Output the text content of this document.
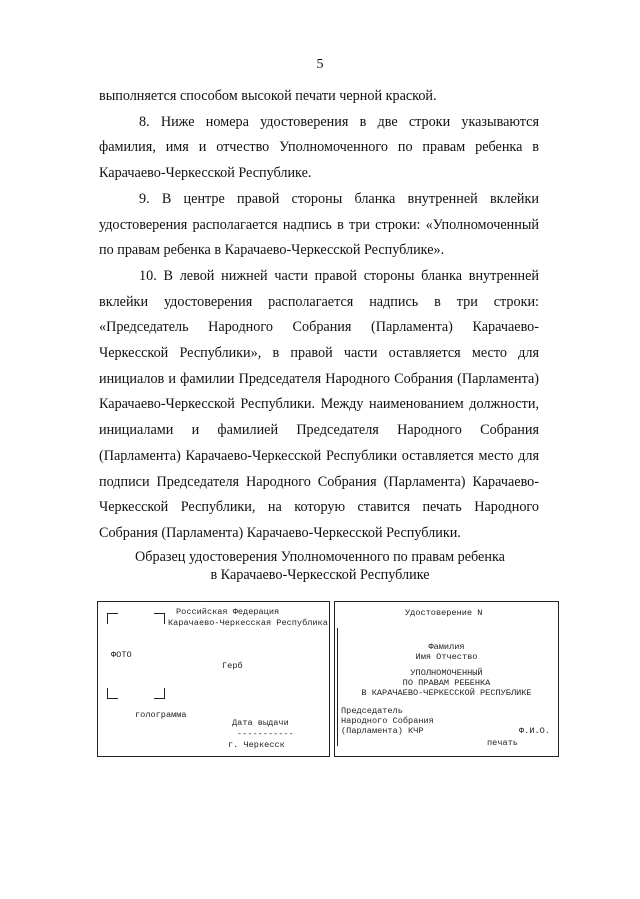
5

выполняется способом высокой печати черной краской.

8. Ниже номера удостоверения в две строки указываются фамилия, имя и отчество Уполномоченного по правам ребенка в Карачаево-Черкесской Республике.

9. В центре правой стороны бланка внутренней вклейки удостоверения располагается надпись в три строки: «Уполномоченный по правам ребенка в Карачаево-Черкесской Республике».

10. В левой нижней части правой стороны бланка внутренней вклейки удостоверения располагается надпись в три строки: «Председатель Народного Собрания (Парламента) Карачаево-Черкесской Республики», в правой части оставляется место для инициалов и фамилии Председателя Народного Собрания (Парламента) Карачаево-Черкесской Республики. Между наименованием должности, инициалами и фамилией Председателя Народного Собрания (Парламента) Карачаево-Черкесской Республики оставляется место для подписи Председателя Народного Собрания (Парламента) Карачаево-Черкесской Республики, на которую ставится печать Народного Собрания (Парламента) Карачаево-Черкесской Республики.

Образец удостоверения Уполномоченного по правам ребенка
в Карачаево-Черкесской Республике
Российская Федерация
Карачаево-Черкесская Республика
ФОТО
Герб
голограмма
Дата выдачи
-----------
г. Черкесск
Удостоверение N
Фамилия
Имя Отчество
УПОЛНОМОЧЕННЫЙ
ПО ПРАВАМ РЕБЕНКА
В КАРАЧАЕВО-ЧЕРКЕССКОЙ РЕСПУБЛИКЕ
Председатель
Народного Собрания
(Парламента) КЧР	Ф.И.О.
печать
